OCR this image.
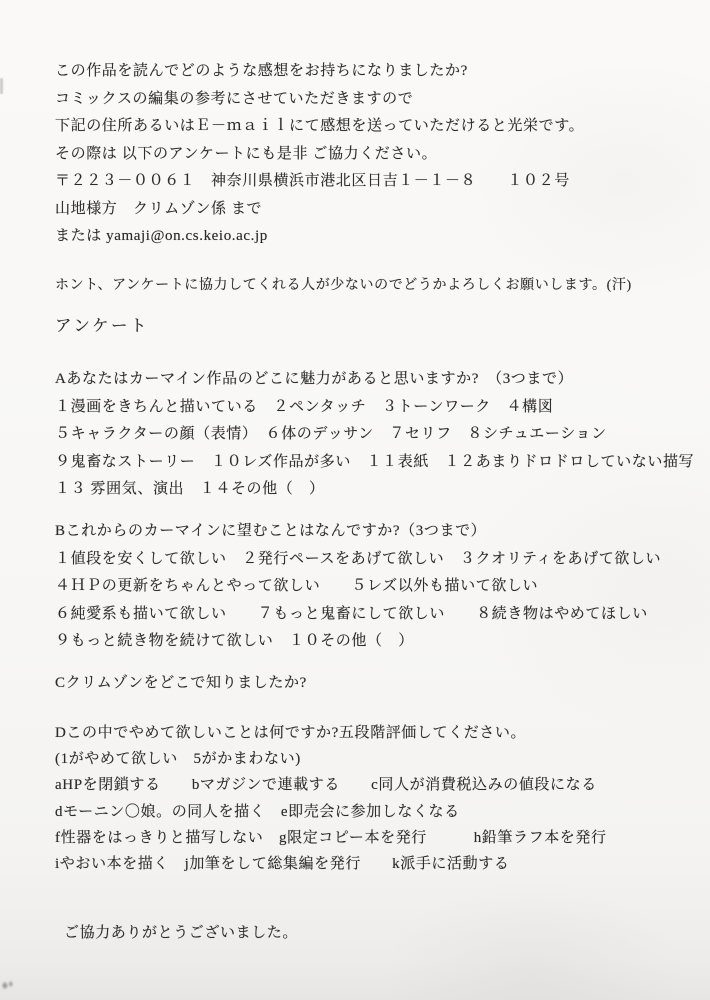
この作品を読んでどのような感想をお持ちになりましたか?
コミックスの編集の参考にさせていただきますので
下記の住所あるいはＥ－ｍａｉｌにて感想を送っていただけると光栄です。
その際は 以下のアンケートにも是非 ご協力ください。
〒２２３－００６１　神奈川県横浜市港北区日吉１－１－８　　１０２号
山地様方　クリムゾン係 まで
または yamaji@on.cs.keio.ac.jp
ホント、アンケートに協力してくれる人が少ないのでどうかよろしくお願いします。(汗)
アンケート
Aあなたはカーマイン作品のどこに魅力があると思いますか?　（3つまで）
１漫画をきちんと描いている　２ペンタッチ　３トーンワーク　４構図
５キャラクターの顔（表情）　６体のデッサン　７セリフ　８シチュエーション
９鬼畜なストーリー　１０レズ作品が多い　１１表紙　１２あまりドロドロしていない描写
１３ 雰囲気、演出　１４その他（　）
Bこれからのカーマインに望むことはなんですか?（3つまで）
１値段を安くして欲しい　２発行ペースをあげて欲しい　３クオリティをあげて欲しい
４ＨＰの更新をちゃんとやって欲しい　　５レズ以外も描いて欲しい
６純愛系も描いて欲しい　　７もっと鬼畜にして欲しい　　８続き物はやめてほしい
９もっと続き物を続けて欲しい　１０その他（　）
Cクリムゾンをどこで知りましたか?
Dこの中でやめて欲しいことは何ですか?五段階評価してください。
(1がやめて欲しい　5がかまわない)
aHPを閉鎖する　　bマガジンで連載する　　c同人が消費税込みの値段になる
dモーニン〇娘。の同人を描く　e即売会に参加しなくなる
f性器をはっきりと描写しない　g限定コピー本を発行　　　h鉛筆ラフ本を発行
iやおい本を描く　j加筆をして総集編を発行　　k派手に活動する
ご協力ありがとうございました。
